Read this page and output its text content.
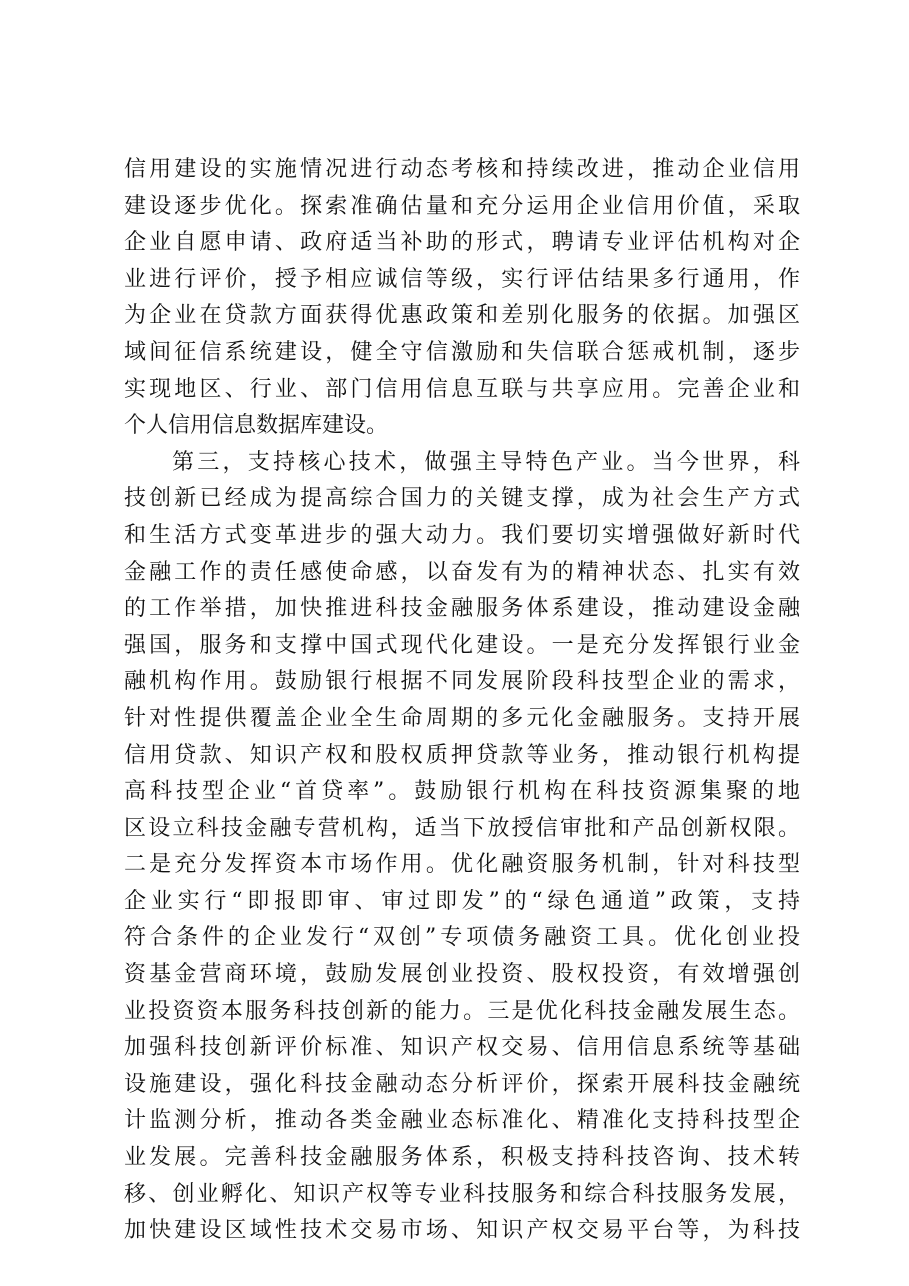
信用建设的实施情况进行动态考核和持续改进，推动企业信用
建设逐步优化。探索准确估量和充分运用企业信用价值，采取
企业自愿申请、政府适当补助的形式，聘请专业评估机构对企
业进行评价，授予相应诚信等级，实行评估结果多行通用，作
为企业在贷款方面获得优惠政策和差别化服务的依据。加强区
域间征信系统建设，健全守信激励和失信联合惩戒机制，逐步
实现地区、行业、部门信用信息互联与共享应用。完善企业和
个人信用信息数据库建设。
第三，支持核心技术，做强主导特色产业。当今世界，科
技创新已经成为提高综合国力的关键支撑，成为社会生产方式
和生活方式变革进步的强大动力。我们要切实增强做好新时代
金融工作的责任感使命感，以奋发有为的精神状态、扎实有效
的工作举措，加快推进科技金融服务体系建设，推动建设金融
强国，服务和支撑中国式现代化建设。一是充分发挥银行业金
融机构作用。鼓励银行根据不同发展阶段科技型企业的需求，
针对性提供覆盖企业全生命周期的多元化金融服务。支持开展
信用贷款、知识产权和股权质押贷款等业务，推动银行机构提
高科技型企业“首贷率”。鼓励银行机构在科技资源集聚的地
区设立科技金融专营机构，适当下放授信审批和产品创新权限。
二是充分发挥资本市场作用。优化融资服务机制，针对科技型
企业实行“即报即审、审过即发”的“绿色通道”政策，支持
符合条件的企业发行“双创”专项债务融资工具。优化创业投
资基金营商环境，鼓励发展创业投资、股权投资，有效增强创
业投资资本服务科技创新的能力。三是优化科技金融发展生态。
加强科技创新评价标准、知识产权交易、信用信息系统等基础
设施建设，强化科技金融动态分析评价，探索开展科技金融统
计监测分析，推动各类金融业态标准化、精准化支持科技型企
业发展。完善科技金融服务体系，积极支持科技咨询、技术转
移、创业孵化、知识产权等专业科技服务和综合科技服务发展，
加快建设区域性技术交易市场、知识产权交易平台等，为科技
